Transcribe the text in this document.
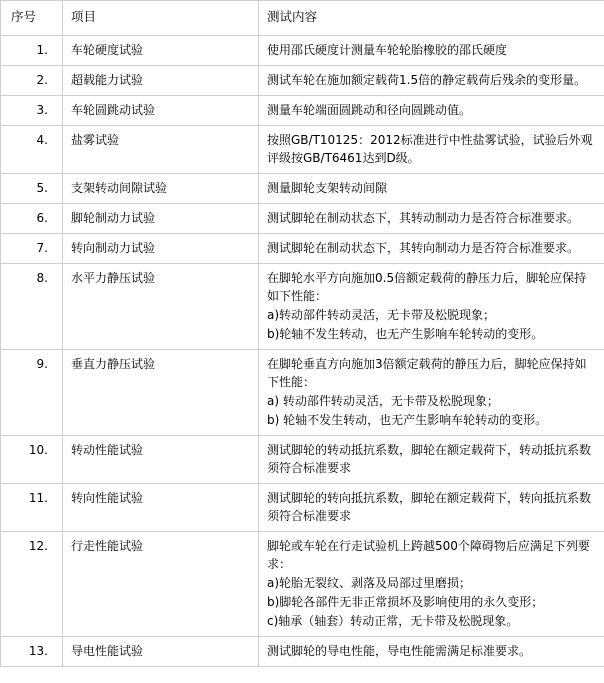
序号	项目	测试内容
1.	车轮硬度试验	使用邵氏硬度计测量车轮轮胎橡胶的邵氏硬度

2.	超载能力试验	测试车轮在施加额定载荷1.5倍的静定载荷后残余的变形量。

3.	车轮圆跳动试验	测量车轮端面圆跳动和径向圆跳动值。

4.	盐雾试验	按照GB/T10125：2012标准进行中性盐雾试验，试验后外观评级按GB/T6461达到D级。

5.	支架转动间隙试验	测量脚轮支架转动间隙

6.	脚轮制动力试验	测试脚轮在制动状态下，其转动制动力是否符合标准要求。

7.	转向制动力试验	测试脚轮在制动状态下，其转向制动力是否符合标准要求。

8.	水平力静压试验	在脚轮水平方向施加0.5倍额定载荷的静压力后，脚轮应保持如下性能：

a)转动部件转动灵活，无卡带及松脱现象；

b)轮轴不发生转动，也无产生影响车轮转动的变形。

9.	垂直力静压试验	在脚轮垂直方向施加3倍额定载荷的静压力后，脚轮应保持如下性能：

a) 转动部件转动灵活，无卡带及松脱现象；

b) 轮轴不发生转动，也无产生影响车轮转动的变形。

10.	转动性能试验	测试脚轮的转动抵抗系数，脚轮在额定载荷下，转动抵抗系数须符合标准要求

11.	转向性能试验	测试脚轮的转向抵抗系数，脚轮在额定载荷下，转向抵抗系数须符合标准要求

12.	行走性能试验	脚轮或车轮在行走试验机上跨越500个障碍物后应满足下列要求：

a)轮胎无裂纹、剥落及局部过里磨损；

b)脚轮各部件无非正常损坏及影响使用的永久变形；

c)轴承（轴套）转动正常，无卡带及松脱现象。

13.	导电性能试验	测试脚轮的导电性能，导电性能需满足标准要求。
